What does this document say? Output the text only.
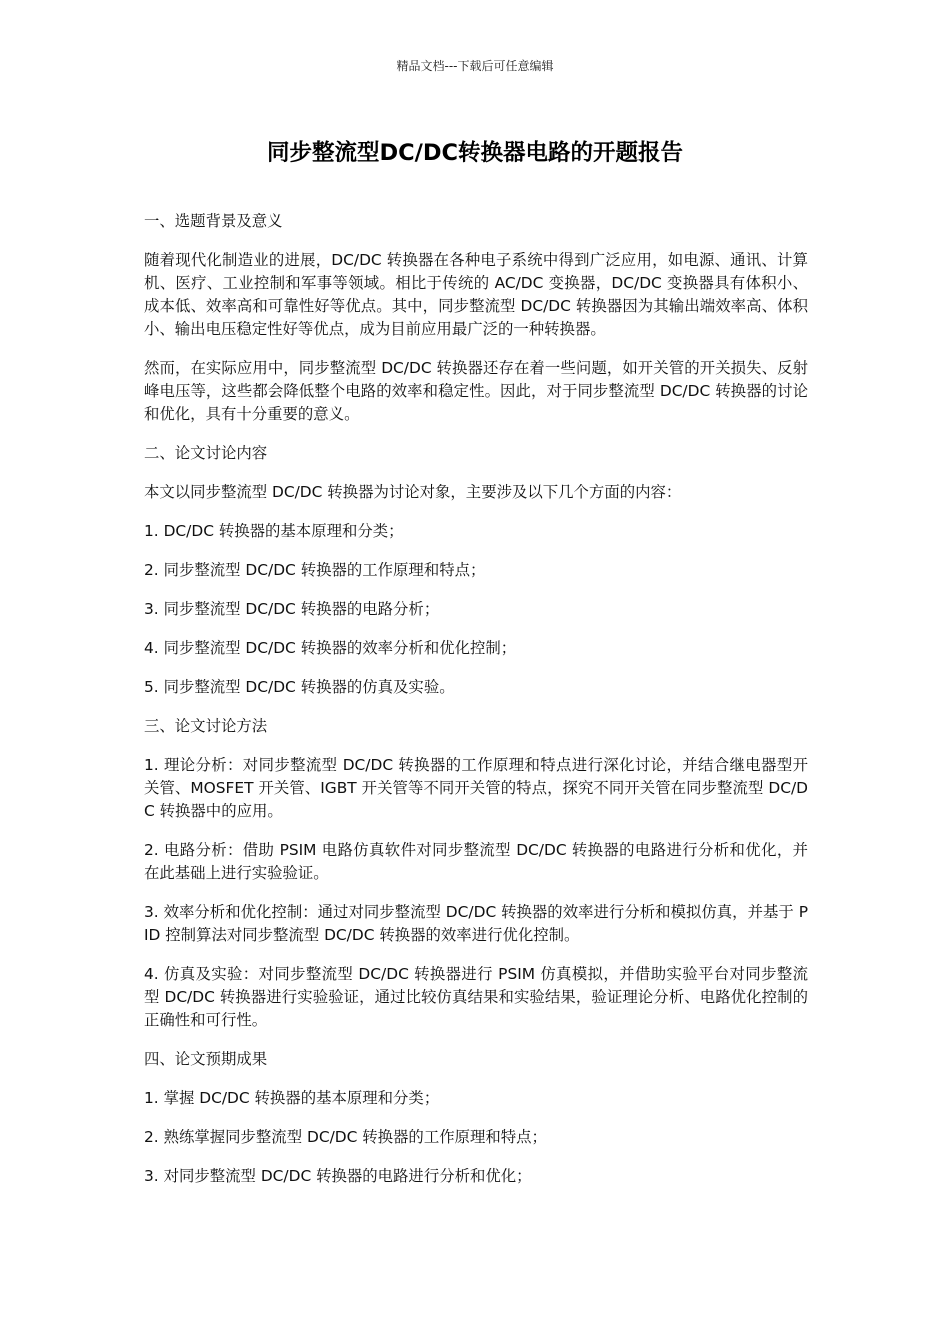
精品文档---下载后可任意编辑
同步整流型DC/DC转换器电路的开题报告

一、选题背景及意义

随着现代化制造业的进展，DC/DC 转换器在各种电子系统中得到广泛应用，如电源、通讯、计算机、医疗、工业控制和军事等领域。相比于传统的 AC/DC 变换器，DC/DC 变换器具有体积小、成本低、效率高和可靠性好等优点。其中，同步整流型 DC/DC 转换器因为其输出端效率高、体积小、输出电压稳定性好等优点，成为目前应用最广泛的一种转换器。

然而，在实际应用中，同步整流型 DC/DC 转换器还存在着一些问题，如开关管的开关损失、反射峰电压等，这些都会降低整个电路的效率和稳定性。因此，对于同步整流型 DC/DC 转换器的讨论和优化，具有十分重要的意义。

二、论文讨论内容

本文以同步整流型 DC/DC 转换器为讨论对象，主要涉及以下几个方面的内容：

1. DC/DC 转换器的基本原理和分类；

2. 同步整流型 DC/DC 转换器的工作原理和特点；

3. 同步整流型 DC/DC 转换器的电路分析；

4. 同步整流型 DC/DC 转换器的效率分析和优化控制；

5. 同步整流型 DC/DC 转换器的仿真及实验。

三、论文讨论方法

1. 理论分析：对同步整流型 DC/DC 转换器的工作原理和特点进行深化讨论，并结合继电器型开关管、MOSFET 开关管、IGBT 开关管等不同开关管的特点，探究不同开关管在同步整流型 DC/DC 转换器中的应用。

2. 电路分析：借助 PSIM 电路仿真软件对同步整流型 DC/DC 转换器的电路进行分析和优化，并在此基础上进行实验验证。

3. 效率分析和优化控制：通过对同步整流型 DC/DC 转换器的效率进行分析和模拟仿真，并基于 PID 控制算法对同步整流型 DC/DC 转换器的效率进行优化控制。

4. 仿真及实验：对同步整流型 DC/DC 转换器进行 PSIM 仿真模拟，并借助实验平台对同步整流型 DC/DC 转换器进行实验验证，通过比较仿真结果和实验结果，验证理论分析、电路优化控制的正确性和可行性。

四、论文预期成果

1. 掌握 DC/DC 转换器的基本原理和分类；

2. 熟练掌握同步整流型 DC/DC 转换器的工作原理和特点；

3. 对同步整流型 DC/DC 转换器的电路进行分析和优化；
